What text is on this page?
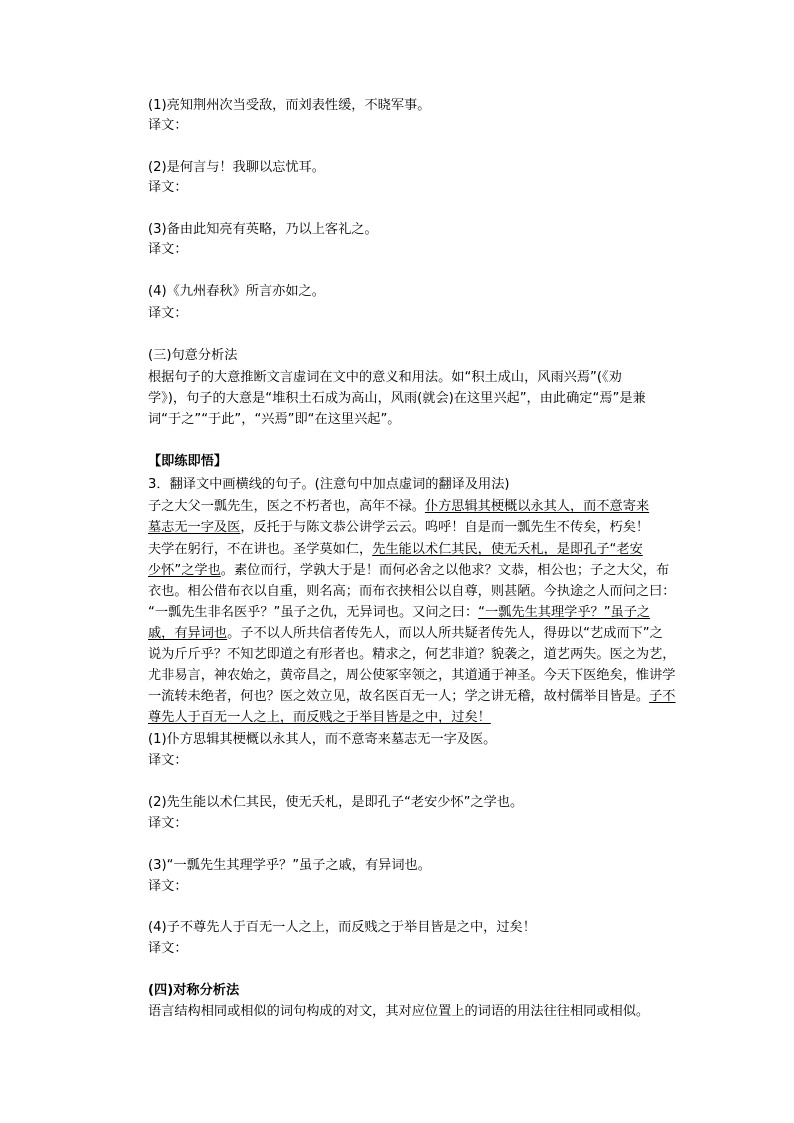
(1)亮知荆州次当受敌，而刘表性缓，不晓军事。
译文：
(2)是何言与！我聊以忘忧耳。
译文：
(3)备由此知亮有英略，乃以上客礼之。
译文：
(4)《九州春秋》所言亦如之。
译文：
(三)句意分析法
根据句子的大意推断文言虚词在文中的意义和用法。如“积土成山，风雨兴焉”(《劝
学》)，句子的大意是“堆积土石成为高山，风雨(就会)在这里兴起”，由此确定“焉”是兼
词“于之”“于此”，“兴焉”即“在这里兴起”。
【即练即悟】
3．翻译文中画横线的句子。(注意句中加点虚词的翻译及用法)
子之大父一瓢先生，医之不朽者也，高年不禄。仆方思辑其梗概以永其人，而不意寄来
墓志无一字及医，反托于与陈文恭公讲学云云。呜呼！自是而一瓢先生不传矣，朽矣！
夫学在躬行，不在讲也。圣学莫如仁，先生能以术仁其民，使无夭札，是即孔子“老安
少怀”之学也。素位而行，学孰大于是！而何必舍之以他求？文恭，相公也；子之大父，布
衣也。相公借布衣以自重，则名高；而布衣挟相公以自尊，则甚陋。今执途之人而问之曰：
“一瓢先生非名医乎？”虽子之仇，无异词也。又问之曰：“一瓢先生其理学乎？”虽子之
戚，有异词也。子不以人所共信者传先人，而以人所共疑者传先人，得毋以“艺成而下”之
说为斤斤乎？不知艺即道之有形者也。精求之，何艺非道？貌袭之，道艺两失。医之为艺，
尤非易言，神农始之，黄帝昌之，周公使冢宰领之，其道通于神圣。今天下医绝矣，惟讲学
一流转未绝者，何也？医之效立见，故名医百无一人；学之讲无稽，故村儒举目皆是。子不
尊先人于百无一人之上，而反贱之于举目皆是之中，过矣！
(1)仆方思辑其梗概以永其人，而不意寄来墓志无一字及医。
译文：
(2)先生能以术仁其民，使无夭札，是即孔子“老安少怀”之学也。
译文：
(3)“一瓢先生其理学乎？”虽子之戚，有异词也。
译文：
(4)子不尊先人于百无一人之上，而反贱之于举目皆是之中，过矣！
译文：
(四)对称分析法
语言结构相同或相似的词句构成的对文，其对应位置上的词语的用法往往相同或相似。
